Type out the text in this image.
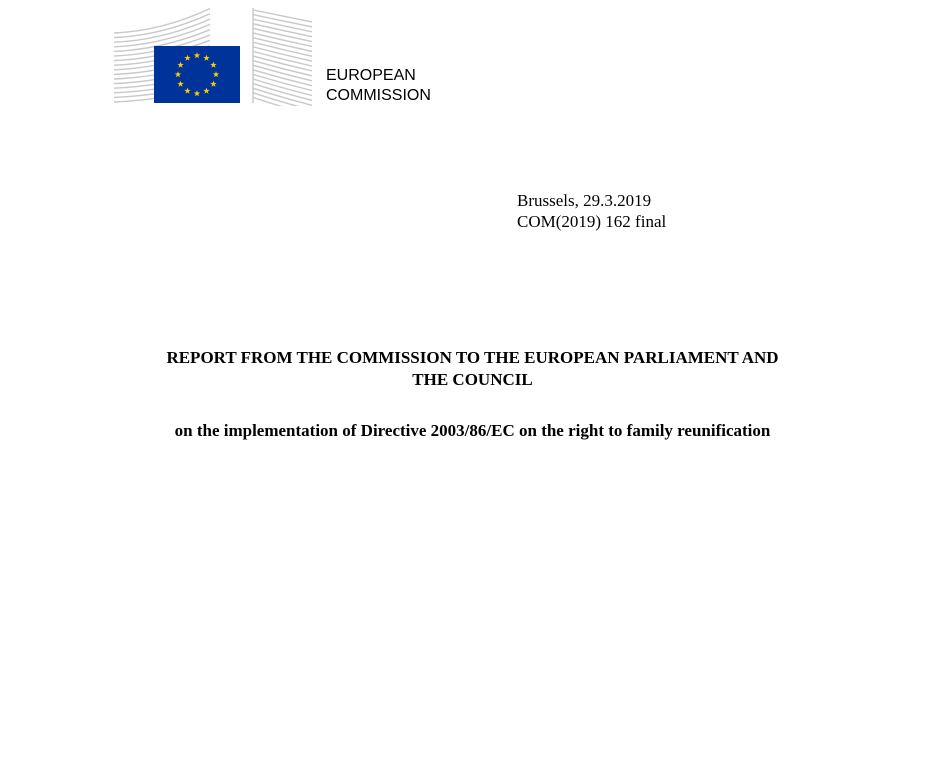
EUROPEAN
COMMISSION
Brussels, 29.3.2019
COM(2019) 162 final
REPORT FROM THE COMMISSION TO THE EUROPEAN PARLIAMENT AND
THE COUNCIL
on the implementation of Directive 2003/86/EC on the right to family reunification
